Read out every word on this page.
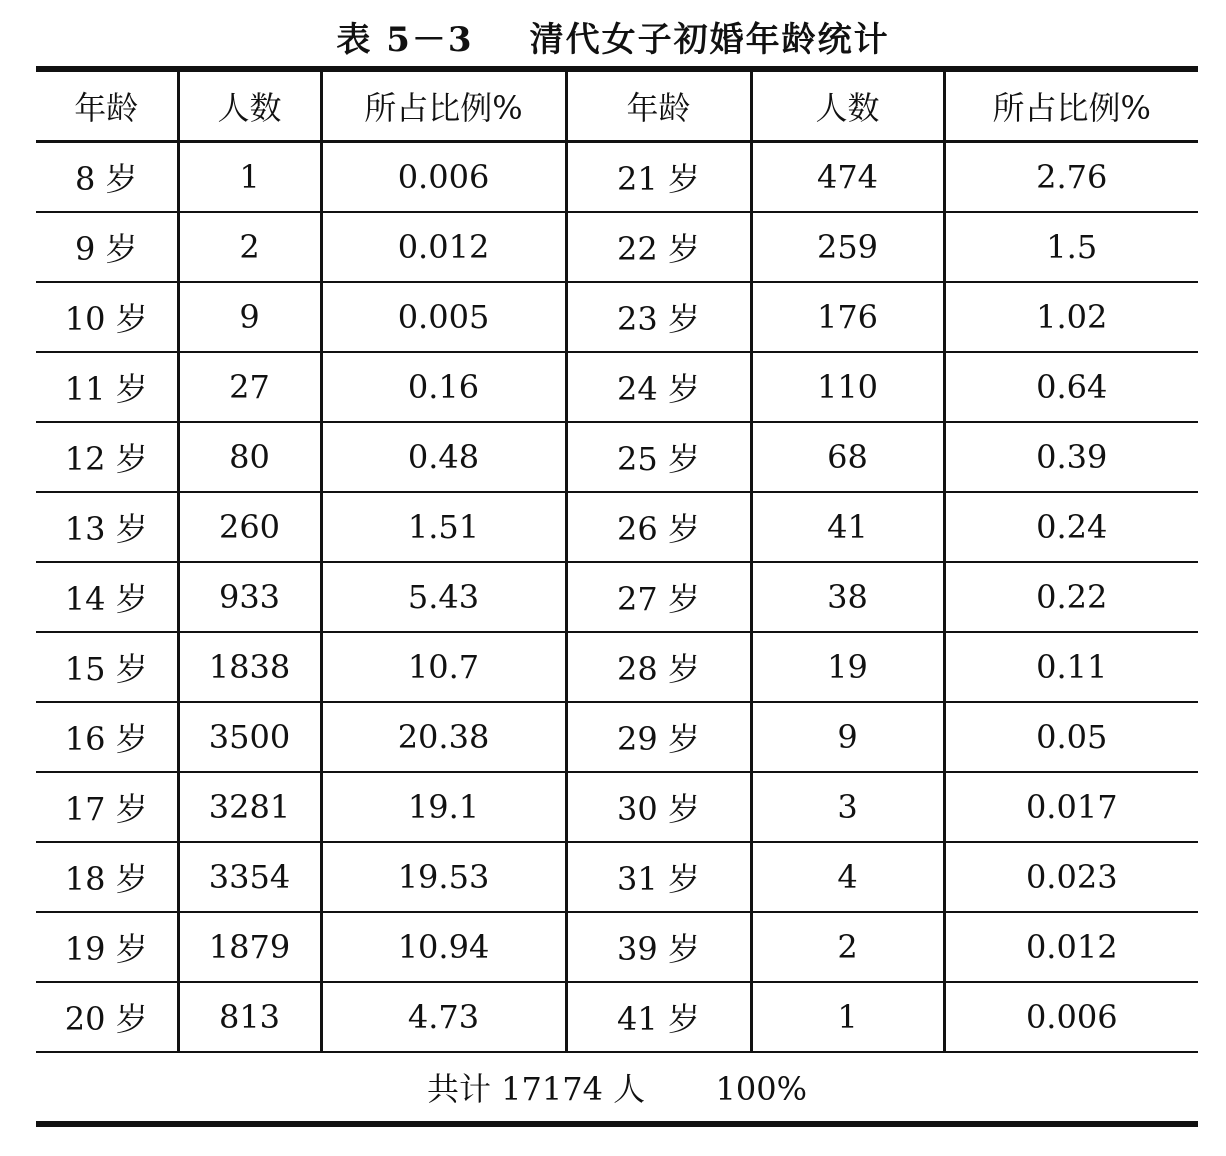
表 5－3 清代女子初婚年龄统计
年龄	人数	所占比例%	年龄	人数	所占比例%
8 岁	1	0.006	21 岁	474	2.76
9 岁	2	0.012	22 岁	259	1.5
10 岁	9	0.005	23 岁	176	1.02
11 岁	27	0.16	24 岁	110	0.64
12 岁	80	0.48	25 岁	68	0.39
13 岁	260	1.51	26 岁	41	0.24
14 岁	933	5.43	27 岁	38	0.22
15 岁	1838	10.7	28 岁	19	0.11
16 岁	3500	20.38	29 岁	9	0.05
17 岁	3281	19.1	30 岁	3	0.017
18 岁	3354	19.53	31 岁	4	0.023
19 岁	1879	10.94	39 岁	2	0.012
20 岁	813	4.73	41 岁	1	0.006
共计 17174 人 100%					
